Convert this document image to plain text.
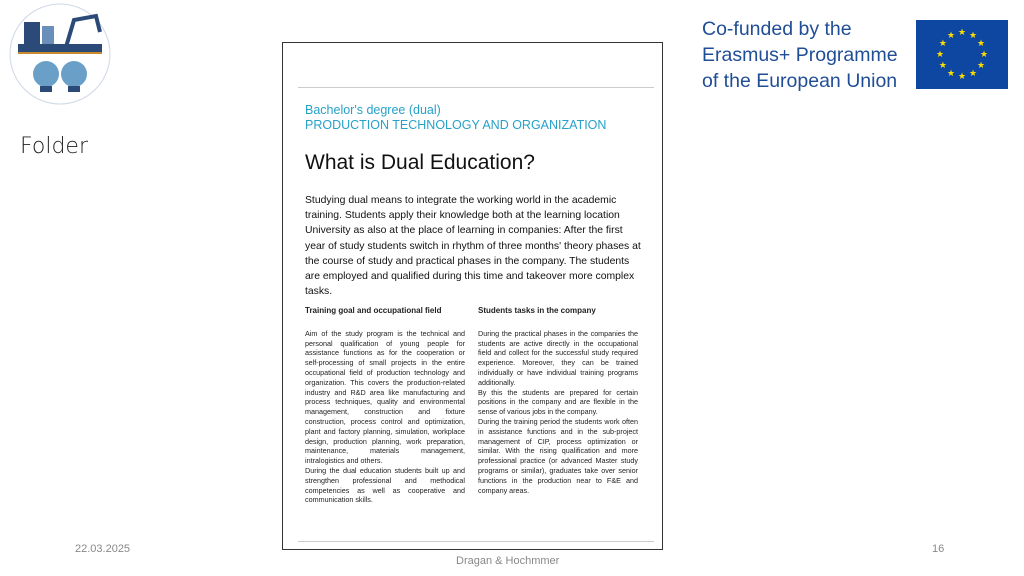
Folder
Co-funded by the
Erasmus+ Programme
of the European Union
★ ★
★
★
★
★
★
★
★
★
★
★
Bachelor's degree (dual)
PRODUCTION TECHNOLOGY AND ORGANIZATION
What is Dual Education?
Studying dual means to integrate the working world in the academic training. Students apply their knowledge both at the learning location University as also at the place of learning in companies: After the first year of study students switch in rhythm of three months' theory phases at the course of study and practical phases in the company. The students are employed and qualified during this time and takeover more complex tasks.
Training goal and occupational field

Aim of the study program is the technical and personal qualification of young people for assistance functions as for the cooperation or self-processing of small projects in the entire occupational field of production technology and organization. This covers the production-related industry and R&D area like manufacturing and process techniques, quality and environmental management, construction and fixture construction, process control and optimization, plant and factory planning, simulation, workplace design, production planning, work preparation, maintenance, materials management, intralogistics and others.

During the dual education students built up and strengthen professional and methodical competencies as well as cooperative and communication skills.

Students tasks in the company

During the practical phases in the companies the students are active directly in the occupational field and collect for the successful study required experience. Moreover, they can be trained individually or have individual training programs additionally.

By this the students are prepared for certain positions in the company and are flexible in the sense of various jobs in the company.

During the training period the students work often in assistance functions and in the sub-project management of CIP, process optimization or similar. With the rising qualification and more professional practice (or advanced Master study programs or similar), graduates take over senior functions in the production near to F&E and company areas.

22.03.2025
Dragan & Hochmmer
16
